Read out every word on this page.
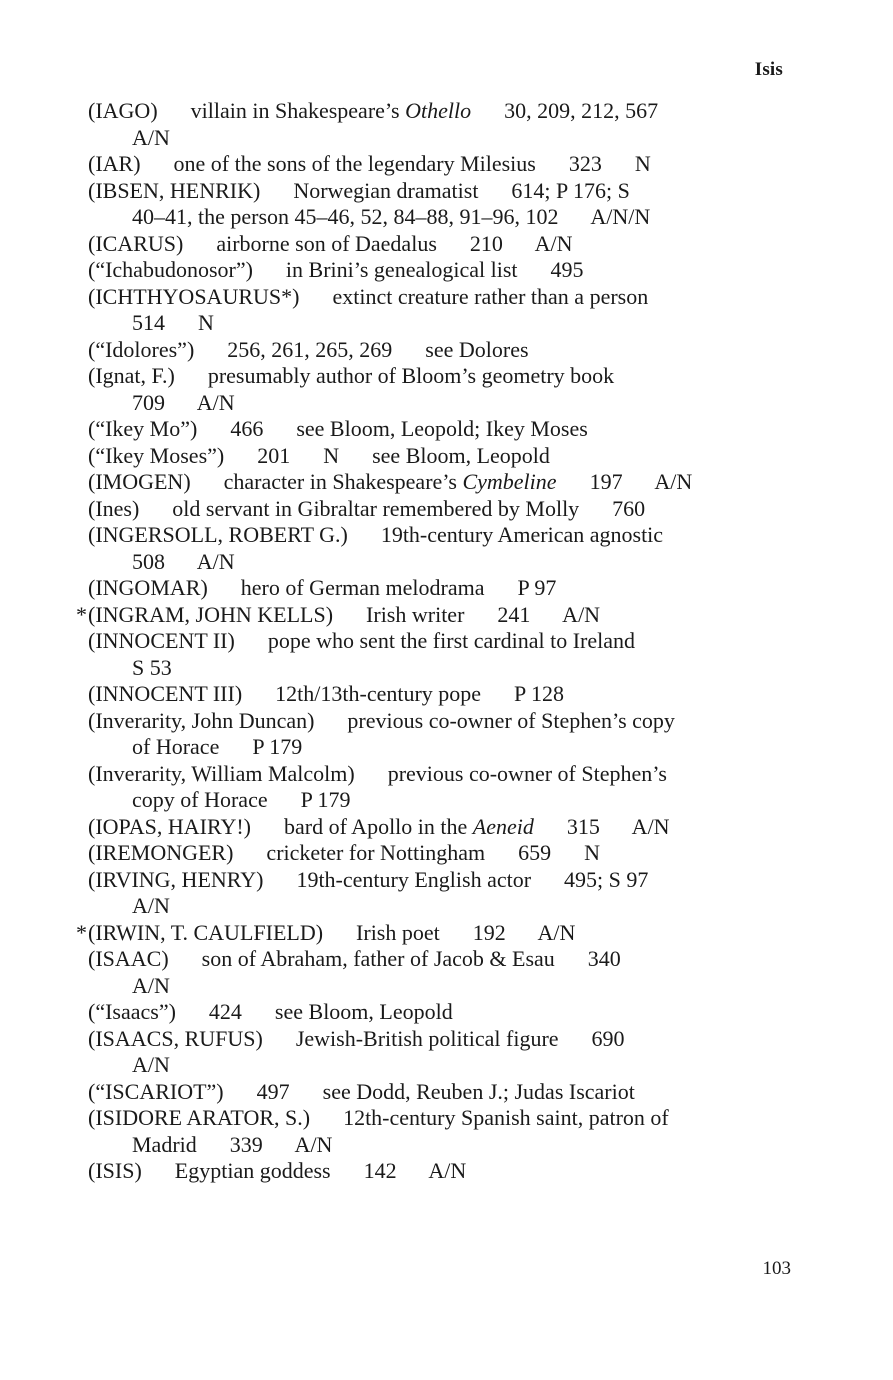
Isis
(IAGO)      villain in Shakespeare’s Othello      30, 209, 212, 567
A/N
(IAR)      one of the sons of the legendary Milesius      323      N
(IBSEN, HENRIK)      Norwegian dramatist      614; P 176; S
40–41, the person 45–46, 52, 84–88, 91–96, 102      A/N/N
(ICARUS)      airborne son of Daedalus      210      A/N
(“Ichabudonosor”)      in Brini’s genealogical list      495
(ICHTHYOSAURUS*)      extinct creature rather than a person
514      N
(“Idolores”)      256, 261, 265, 269      see Dolores
(Ignat, F.)      presumably author of Bloom’s geometry book
709      A/N
(“Ikey Mo”)      466      see Bloom, Leopold; Ikey Moses
(“Ikey Moses”)      201      N      see Bloom, Leopold
(IMOGEN)      character in Shakespeare’s Cymbeline      197      A/N
(Ines)      old servant in Gibraltar remembered by Molly      760
(INGERSOLL, ROBERT G.)      19th-century American agnostic
508      A/N
(INGOMAR)      hero of German melodrama      P 97
* (INGRAM, JOHN KELLS)      Irish writer      241      A/N
(INNOCENT II)      pope who sent the first cardinal to Ireland
S 53
(INNOCENT III)      12th/13th-century pope      P 128
(Inverarity, John Duncan)      previous co-owner of Stephen’s copy
of Horace      P 179
(Inverarity, William Malcolm)      previous co-owner of Stephen’s
copy of Horace      P 179
(IOPAS, HAIRY!)      bard of Apollo in the Aeneid      315      A/N
(IREMONGER)      cricketer for Nottingham      659      N
(IRVING, HENRY)      19th-century English actor      495; S 97
A/N
* (IRWIN, T. CAULFIELD)      Irish poet      192      A/N
(ISAAC)      son of Abraham, father of Jacob & Esau      340
A/N
(“Isaacs”)      424      see Bloom, Leopold
(ISAACS, RUFUS)      Jewish-British political figure      690
A/N
(“ISCARIOT”)      497      see Dodd, Reuben J.; Judas Iscariot
(ISIDORE ARATOR, S.)      12th-century Spanish saint, patron of
Madrid      339      A/N
(ISIS)      Egyptian goddess      142      A/N
103
